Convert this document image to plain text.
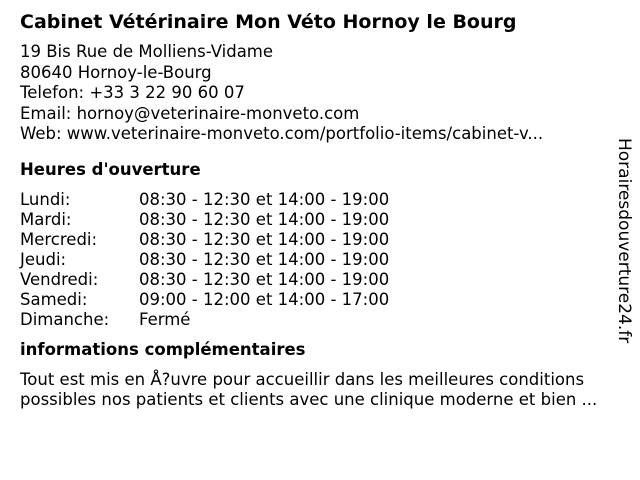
Cabinet Vétérinaire Mon Véto Hornoy le Bourg
19 Bis Rue de Molliens-Vidame
80640 Hornoy-le-Bourg
Telefon: +33 3 22 90 60 07
Email: hornoy@veterinaire-monveto.com
Web: www.veterinaire-monveto.com/portfolio-items/cabinet-v...
Heures d'ouverture
Lundi:	08:30 - 12:30 et 14:00 - 19:00
Mardi:	08:30 - 12:30 et 14:00 - 19:00
Mercredi:	08:30 - 12:30 et 14:00 - 19:00
Jeudi:	08:30 - 12:30 et 14:00 - 19:00
Vendredi:	08:30 - 12:30 et 14:00 - 19:00
Samedi:	09:00 - 12:00 et 14:00 - 17:00
Dimanche:	Fermé
informations complémentaires
Tout est mis en Å?uvre pour accueillir dans les meilleures conditions
possibles nos patients et clients avec une clinique moderne et bien ...
Horairesdouverture24.fr
